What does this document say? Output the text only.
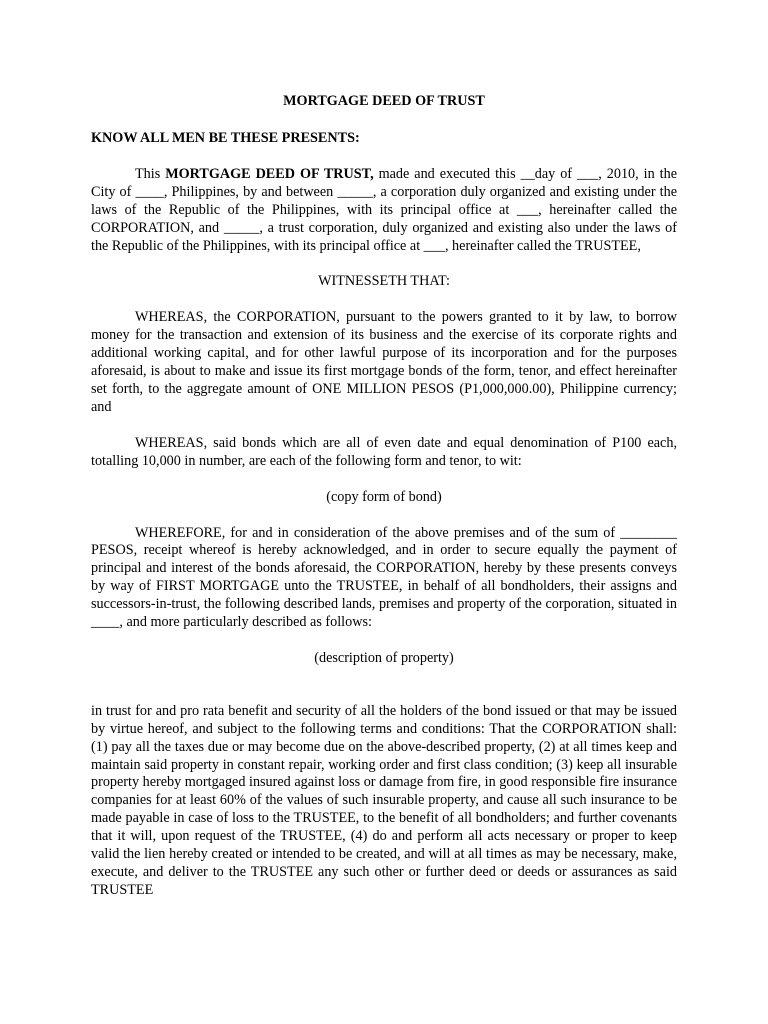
MORTGAGE DEED OF TRUST

KNOW ALL MEN BE THESE PRESENTS:

This MORTGAGE DEED OF TRUST, made and executed this __day of ___, 2010, in the City of ____, Philippines, by and between _____, a corporation duly organized and existing under the laws of the Republic of the Philippines, with its principal office at ___, hereinafter called the CORPORATION, and _____, a trust corporation, duly organized and existing also under the laws of the Republic of the Philippines, with its principal office at ___, hereinafter called the TRUSTEE,

WITNESSETH THAT:

WHEREAS, the CORPORATION, pursuant to the powers granted to it by law, to borrow money for the transaction and extension of its business and the exercise of its corporate rights and additional working capital, and for other lawful purpose of its incorporation and for the purposes aforesaid, is about to make and issue its first mortgage bonds of the form, tenor, and effect hereinafter set forth, to the aggregate amount of ONE MILLION PESOS (P1,000,000.00), Philippine currency; and

WHEREAS, said bonds which are all of even date and equal denomination of P100 each, totalling 10,000 in number, are each of the following form and tenor, to wit:

(copy form of bond)

WHEREFORE, for and in consideration of the above premises and of the sum of ________ PESOS, receipt whereof is hereby acknowledged, and in order to secure equally the payment of principal and interest of the bonds aforesaid, the CORPORATION, hereby by these presents conveys by way of FIRST MORTGAGE unto the TRUSTEE, in behalf of all bondholders, their assigns and successors-in-trust, the following described lands, premises and property of the corporation, situated in ____, and more particularly described as follows:

(description of property)

in trust for and pro rata benefit and security of all the holders of the bond issued or that may be issued by virtue hereof, and subject to the following terms and conditions: That the CORPORATION shall: (1) pay all the taxes due or may become due on the above-described property, (2) at all times keep and maintain said property in constant repair, working order and first class condition; (3) keep all insurable property hereby mortgaged insured against loss or damage from fire, in good responsible fire insurance companies for at least 60% of the values of such insurable property, and cause all such insurance to be made payable in case of loss to the TRUSTEE, to the benefit of all bondholders; and further covenants that it will, upon request of the TRUSTEE, (4) do and perform all acts necessary or proper to keep valid the lien hereby created or intended to be created, and will at all times as may be necessary, make, execute, and deliver to the TRUSTEE any such other or further deed or deeds or assurances as said TRUSTEE
